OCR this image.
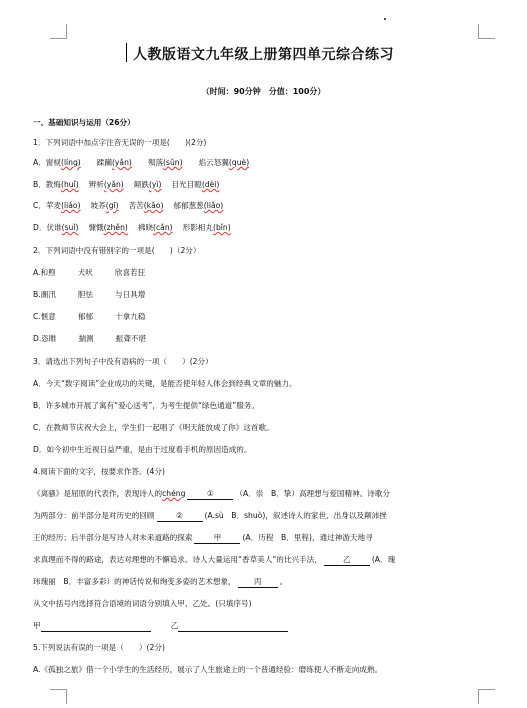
人教版语文九年级上册第四单元综合练习
（时间：90分钟　分值：100分）
一、基础知识与运用（26分）
1．下列词语中加点字注音无误的一项是(　　)(2分)
A．窗棂(líng) 蹂躏(yǎn) 殒落(sǔn) 焰云怒翼(què)
B．教悔(huǐ) 辨析(yǎn) 颠跌(yì) 目光目瞪(dèi)
C．苹麦(liáo) 坡荞(gī) 苦苦(kǎo) 郁郁葱葱(liǎo)
D．伏谁(suǐ) 慷慨(zhěn) 拂晓(cǎn) 形影相丸(bǐn)
2．下列词语中没有错别字的一项是(　　)（2分）
A.和煦	犬吠	欣喜若狂
B.潮汛	胆怯	与日具增
C.惬意	郁郁	十拿九稳
D.恣睢	揣测	振聋不堪
3．请选出下列句子中没有语病的一项（　　）(2分）
A．今天“数字阅读”企业成功的关键，是能否使年轻人体会到经典文章的魅力。
B．许多城市开展了寓有“爱心送考”，为考生提供“绿色通道”服务。
C．在教师节庆祝大会上，学生们一起唱了《明天能放成了你》这首歌。
D．如今初中生近视日益严重，是由于过度看手机的原因造成的。
4.阅读下面的文字，按要求作答。(4分)
《离骚》是屈原的代表作，表现诗人的chéng	①	（A．崇　B．挚）高理想与爱国精神。诗歌分
为两部分：前半部分是对历史的回顾	②	(A.sù　B．shuò)，叙述诗人的家世、出身以及颠沛挫
王的经历；后半部分是写诗人对未来道路的探索	甲	(A．历程　B．里程)，通过神游天地寻
求真理而不得的路途，表达对理想的不懈追求。诗人大量运用“香草美人”的比兴手法，	乙	(A．瑰
玮瑰丽　B．丰富多彩）的神话传说和绚变多姿的艺术想象， 丙 。
从文中括号内选择符合语境的词语分别填入甲、乙处。(只填序号)
甲	乙
5.下列说法有误的一项是（　　）(2分)
A.《孤独之旅》借一个小学生的生活经历，展示了人生旅途上的一个普通经验：磨练使人不断走向成熟。
